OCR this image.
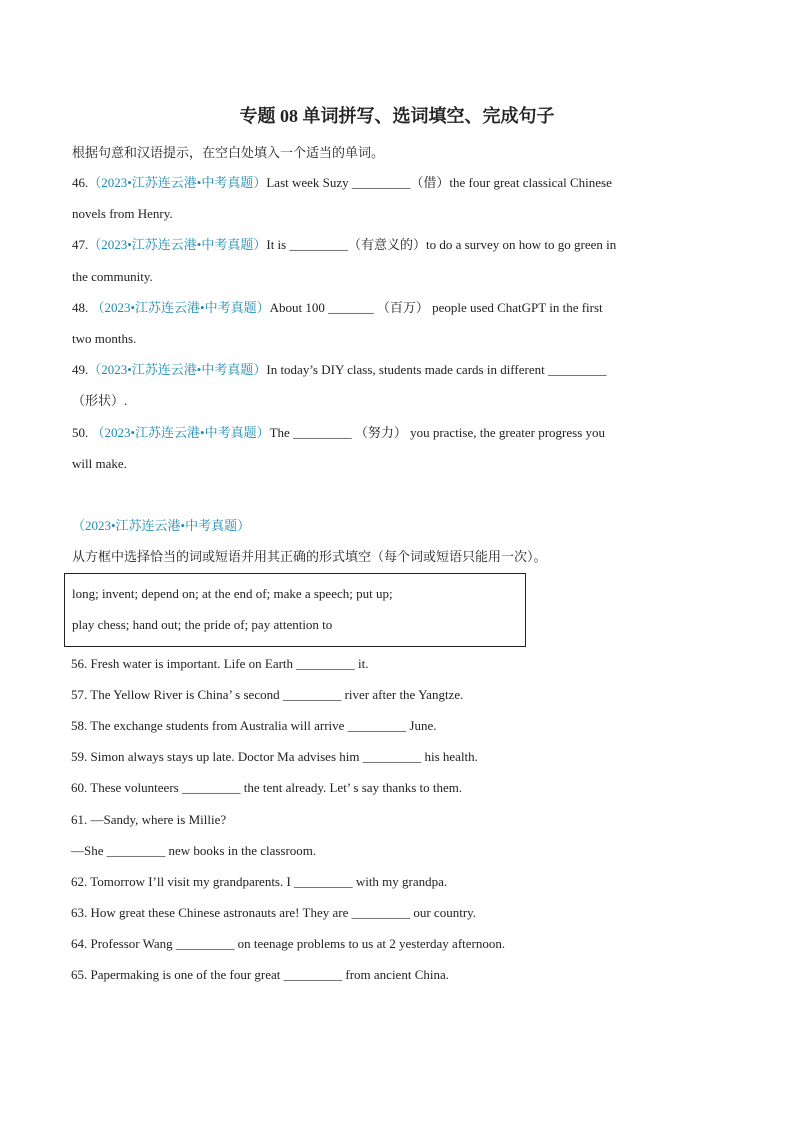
专题 08 单词拼写、选词填空、完成句子
根据句意和汉语提示，在空白处填入一个适当的单词。
46.（2023•江苏连云港•中考真题）Last week Suzy _________（借）the four great classical Chinese
novels from Henry.
47.（2023•江苏连云港•中考真题）It is _________（有意义的）to do a survey on how to go green in
the community.
48. （2023•江苏连云港•中考真题）About 100 _______ （百万） people used ChatGPT in the first
two months.
49.（2023•江苏连云港•中考真题）In today’s DIY class, students made cards in different _________
（形状）.
50. （2023•江苏连云港•中考真题）The _________ （努力） you practise, the greater progress you
will make.
（2023•江苏连云港•中考真题）
从方框中选择恰当的词或短语并用其正确的形式填空（每个词或短语只能用一次）。
long; invent; depend on; at the end of; make a speech; put up;
play chess; hand out; the pride of; pay attention to
56. Fresh water is important. Life on Earth _________ it.
57. The Yellow River is China’ s second _________ river after the Yangtze.
58. The exchange students from Australia will arrive _________ June.
59. Simon always stays up late. Doctor Ma advises him _________ his health.
60. These volunteers _________ the tent already. Let’ s say thanks to them.
61. —Sandy, where is Millie?
—She _________ new books in the classroom.
62. Tomorrow I’ll visit my grandparents. I _________ with my grandpa.
63. How great these Chinese astronauts are! They are _________ our country.
64. Professor Wang _________ on teenage problems to us at 2 yesterday afternoon.
65. Papermaking is one of the four great _________ from ancient China.
